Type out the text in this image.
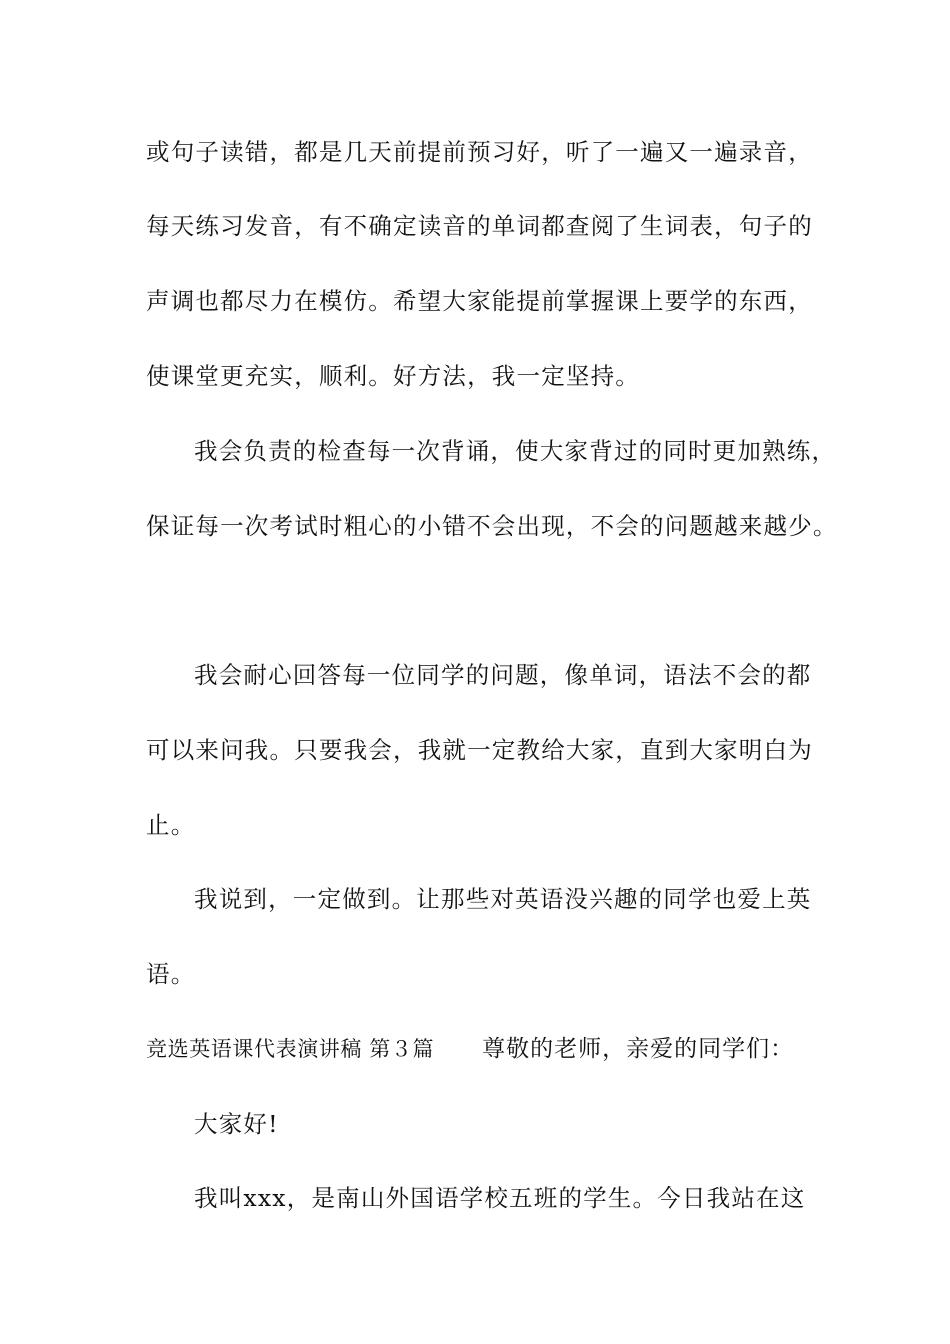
或句子读错，都是几天前提前预习好，听了一遍又一遍录音，
每天练习发音，有不确定读音的单词都查阅了生词表，句子的
声调也都尽力在模仿。希望大家能提前掌握课上要学的东西，
使课堂更充实，顺利。好方法，我一定坚持。
我会负责的检查每一次背诵，使大家背过的同时更加熟练，
保证每一次考试时粗心的小错不会出现，不会的问题越来越少。
我会耐心回答每一位同学的问题，像单词，语法不会的都
可以来问我。只要我会，我就一定教给大家，直到大家明白为
止。
我说到，一定做到。让那些对英语没兴趣的同学也爱上英
语。
竞选英语课代表演讲稿 第３篇 尊敬的老师，亲爱的同学们：
大家好!
我叫xxx，是南山外国语学校五班的学生。今日我站在这
